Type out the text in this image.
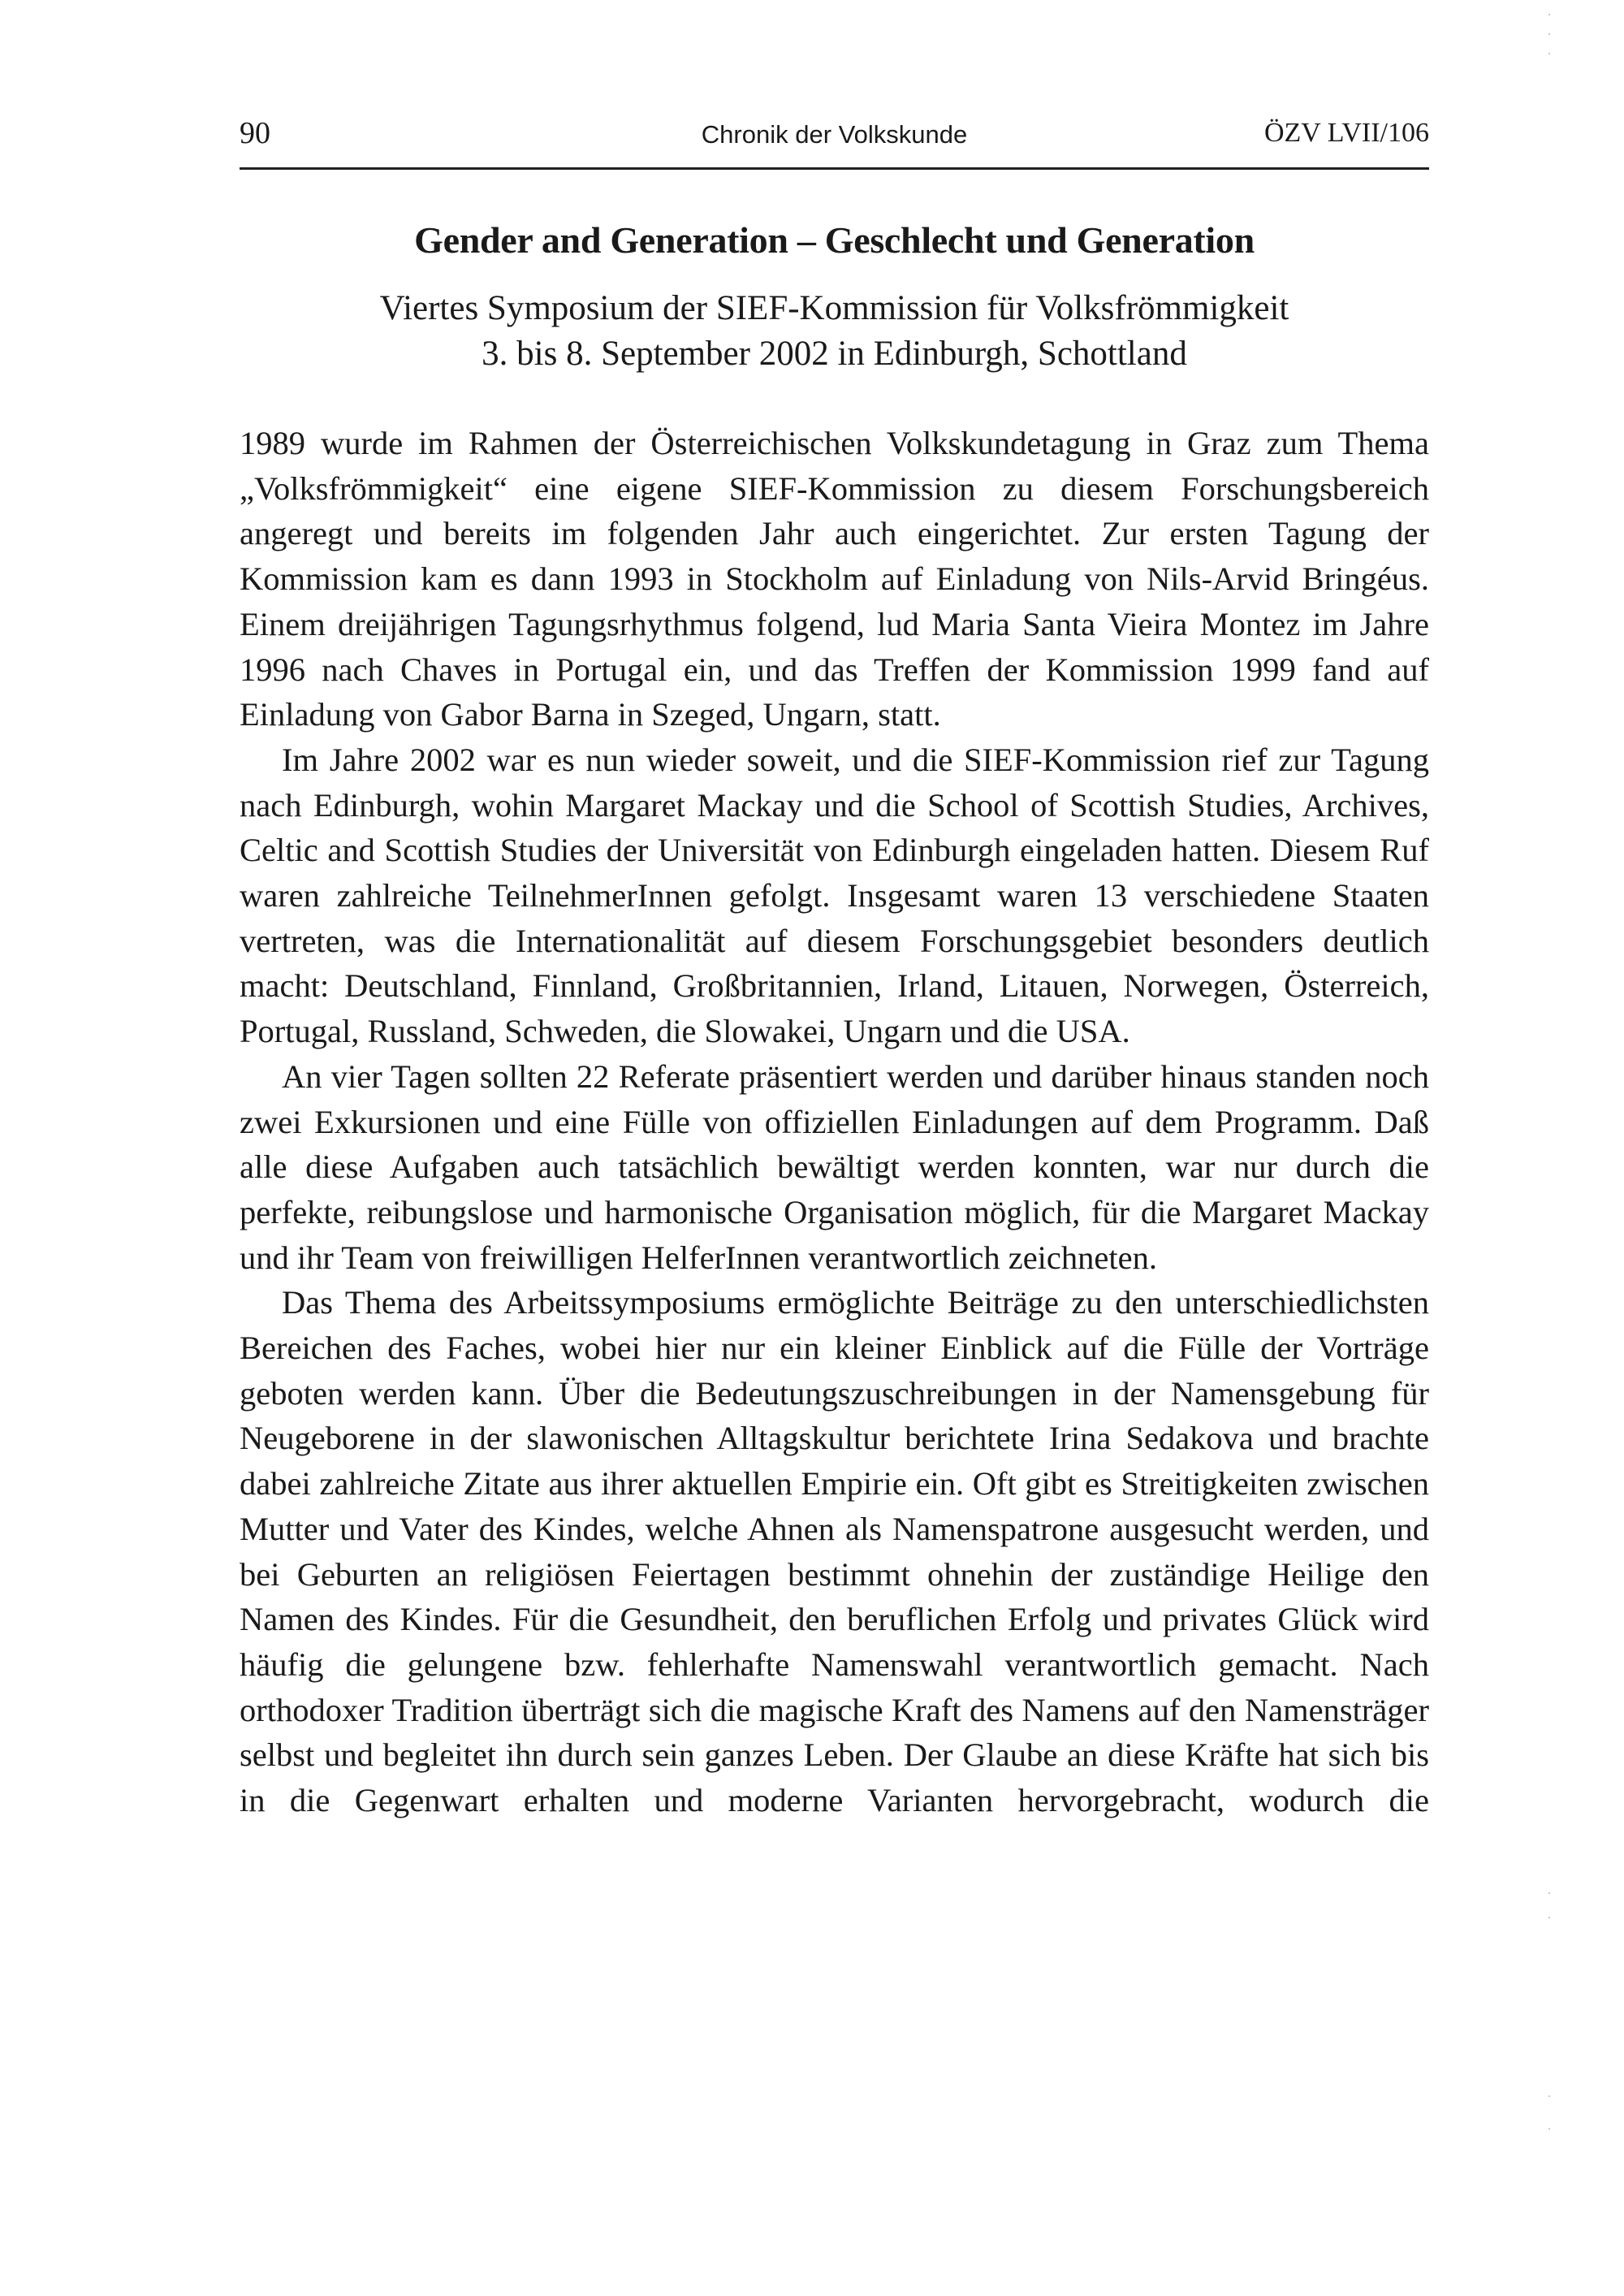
90	Chronik der Volkskunde	ÖZV LVII/106
Gender and Generation – Geschlecht und Generation
Viertes Symposium der SIEF-Kommission für Volksfrömmigkeit
3. bis 8. September 2002 in Edinburgh, Schottland

1989 wurde im Rahmen der Österreichischen Volkskundetagung in Graz zum Thema „Volksfrömmigkeit“ eine eigene SIEF-Kommission zu diesem Forschungsbereich angeregt und bereits im folgenden Jahr auch eingerichtet. Zur ersten Tagung der Kommission kam es dann 1993 in Stockholm auf Einladung von Nils-Arvid Bringéus. Einem dreijährigen Tagungsrhythmus folgend, lud Maria Santa Vieira Montez im Jahre 1996 nach Chaves in Portugal ein, und das Treffen der Kommission 1999 fand auf Einladung von Gabor Barna in Szeged, Ungarn, statt.

Im Jahre 2002 war es nun wieder soweit, und die SIEF-Kommission rief zur Tagung nach Edinburgh, wohin Margaret Mackay und die School of Scottish Studies, Archives, Celtic and Scottish Studies der Universität von Edinburgh eingeladen hatten. Diesem Ruf waren zahlreiche TeilnehmerInnen gefolgt. Insgesamt waren 13 verschiedene Staaten vertreten, was die Internationalität auf diesem Forschungsgebiet besonders deutlich macht: Deutschland, Finnland, Großbritannien, Irland, Litauen, Norwegen, Österreich, Portugal, Russland, Schweden, die Slowakei, Ungarn und die USA.

An vier Tagen sollten 22 Referate präsentiert werden und darüber hinaus standen noch zwei Exkursionen und eine Fülle von offiziellen Einladungen auf dem Programm. Daß alle diese Aufgaben auch tatsächlich bewältigt werden konnten, war nur durch die perfekte, reibungslose und harmonische Organisation möglich, für die Margaret Mackay und ihr Team von freiwilligen HelferInnen verantwortlich zeichneten.

Das Thema des Arbeitssymposiums ermöglichte Beiträge zu den unterschiedlichsten Bereichen des Faches, wobei hier nur ein kleiner Einblick auf die Fülle der Vorträge geboten werden kann. Über die Bedeutungszuschreibungen in der Namensgebung für Neugeborene in der slawonischen Alltagskultur berichtete Irina Sedakova und brachte dabei zahlreiche Zitate aus ihrer aktuellen Empirie ein. Oft gibt es Streitigkeiten zwischen Mutter und Vater des Kindes, welche Ahnen als Namenspatrone ausgesucht werden, und bei Geburten an religiösen Feiertagen bestimmt ohnehin der zuständige Heilige den Namen des Kindes. Für die Gesundheit, den beruflichen Erfolg und privates Glück wird häufig die gelungene bzw. fehlerhafte Namenswahl verantwortlich gemacht. Nach orthodoxer Tradition überträgt sich die magische Kraft des Namens auf den Namensträger selbst und begleitet ihn durch sein ganzes Leben. Der Glaube an diese Kräfte hat sich bis in die Gegenwart erhalten und moderne Varianten hervorgebracht, wodurch die
